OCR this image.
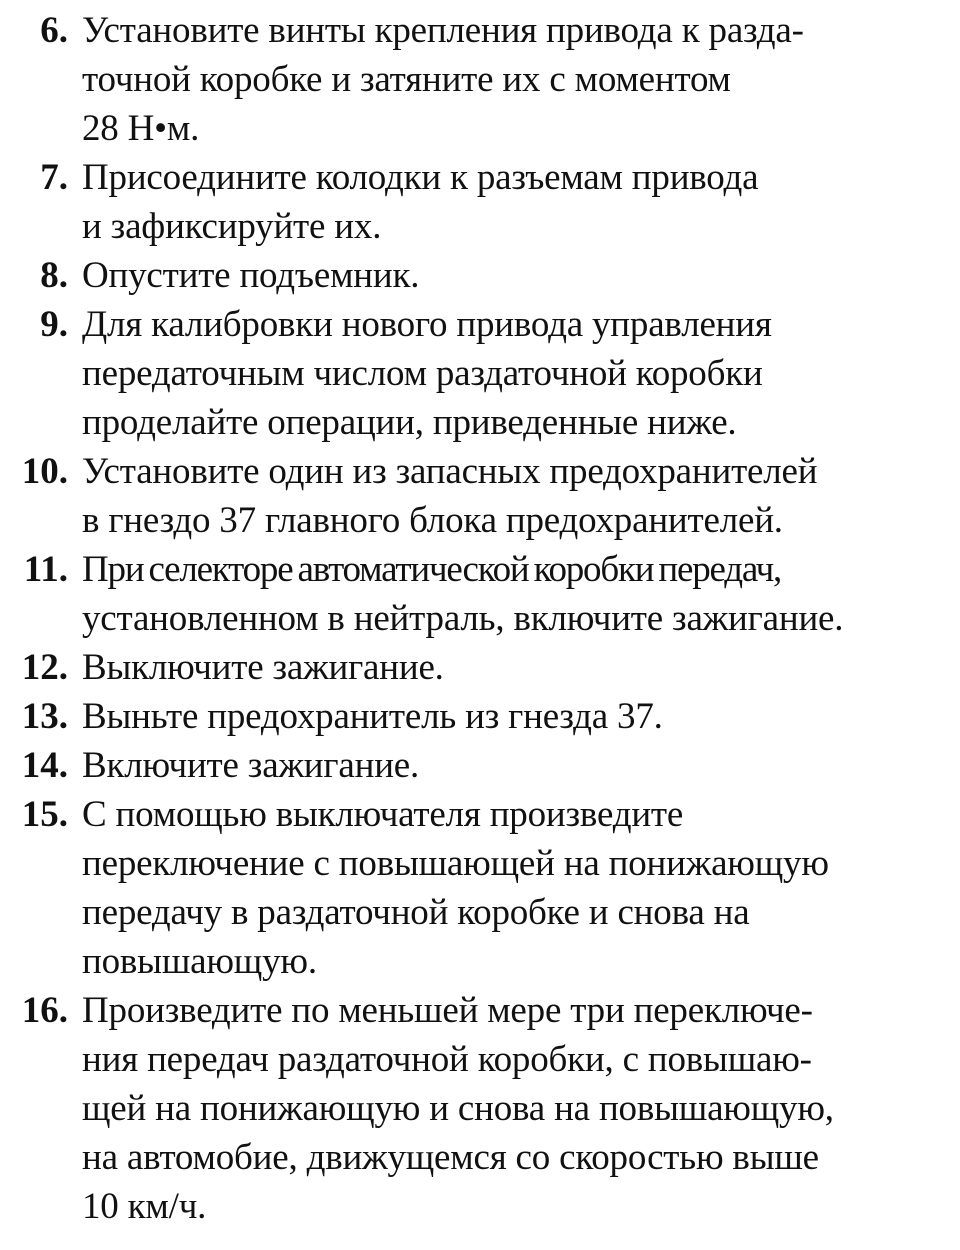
6. Установите винты крепления привода к разда-
точной коробке и затяните их с моментом
28 Н•м.
7. Присоедините колодки к разъемам привода
и зафиксируйте их.
8. Опустите подъемник.
9. Для калибровки нового привода управления
передаточным числом раздаточной коробки
проделайте операции, приведенные ниже.
10. Установите один из запасных предохранителей
в гнездо 37 главного блока предохранителей.
11. При селекторе автоматической коробки передач,
установленном в нейтраль, включите зажигание.
12. Выключите зажигание.
13. Выньте предохранитель из гнезда 37.
14. Включите зажигание.
15. С помощью выключателя произведите
переключение с повышающей на понижающую
передачу в раздаточной коробке и снова на
повышающую.
16. Произведите по меньшей мере три переключе-
ния передач раздаточной коробки, с повышаю-
щей на понижающую и снова на повышающую,
на автомобие, движущемся со скоростью выше
10 км/ч.
